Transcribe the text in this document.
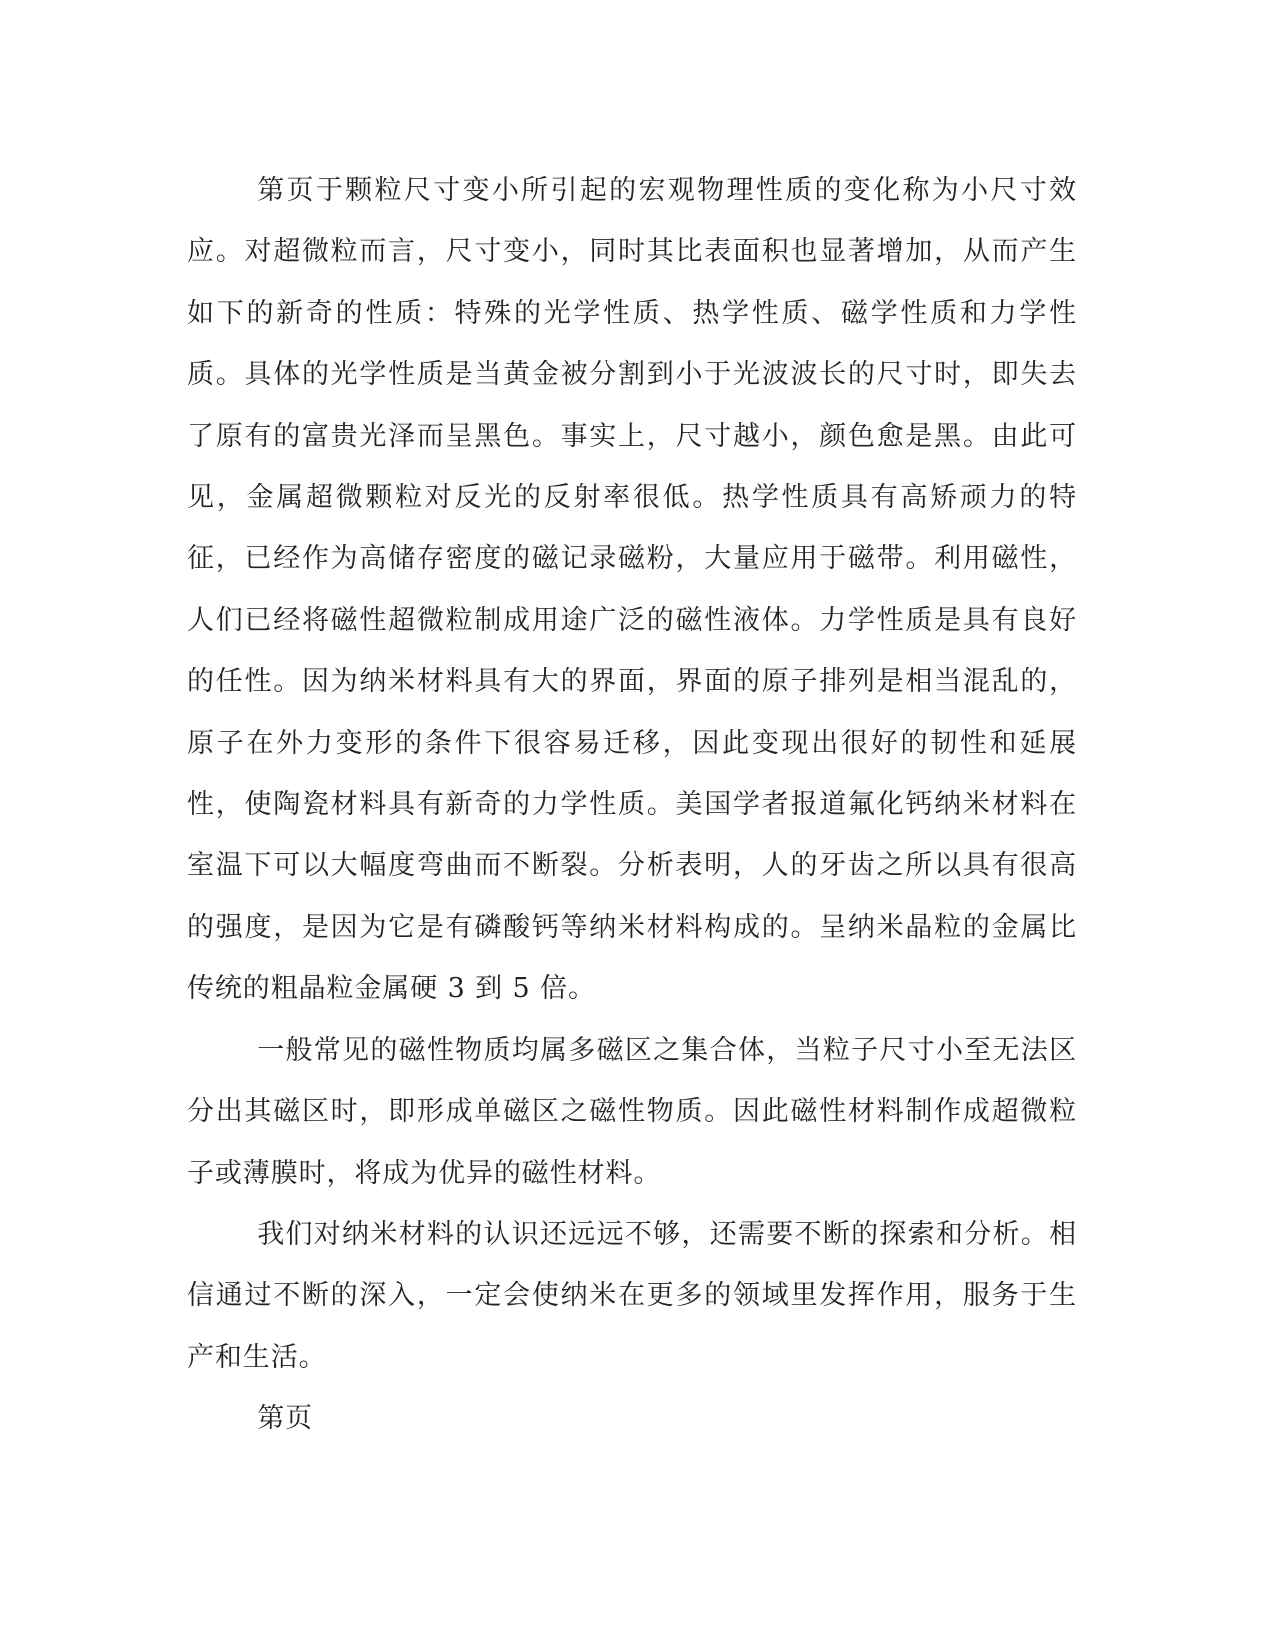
第页于颗粒尺寸变小所引起的宏观物理性质的变化称为小尺寸效应。对超微粒而言，尺寸变小，同时其比表面积也显著增加，从而产生如下的新奇的性质：特殊的光学性质、热学性质、磁学性质和力学性质。具体的光学性质是当黄金被分割到小于光波波长的尺寸时，即失去了原有的富贵光泽而呈黑色。事实上，尺寸越小，颜色愈是黑。由此可见，金属超微颗粒对反光的反射率很低。热学性质具有高矫顽力的特征，已经作为高储存密度的磁记录磁粉，大量应用于磁带。利用磁性，人们已经将磁性超微粒制成用途广泛的磁性液体。力学性质是具有良好的任性。因为纳米材料具有大的界面，界面的原子排列是相当混乱的，原子在外力变形的条件下很容易迁移，因此变现出很好的韧性和延展性，使陶瓷材料具有新奇的力学性质。美国学者报道氟化钙纳米材料在室温下可以大幅度弯曲而不断裂。分析表明，人的牙齿之所以具有很高的强度，是因为它是有磷酸钙等纳米材料构成的。呈纳米晶粒的金属比传统的粗晶粒金属硬 3 到 5 倍。

一般常见的磁性物质均属多磁区之集合体，当粒子尺寸小至无法区分出其磁区时，即形成单磁区之磁性物质。因此磁性材料制作成超微粒子或薄膜时，将成为优异的磁性材料。

我们对纳米材料的认识还远远不够，还需要不断的探索和分析。相信通过不断的深入，一定会使纳米在更多的领域里发挥作用，服务于生产和生活。

第页
